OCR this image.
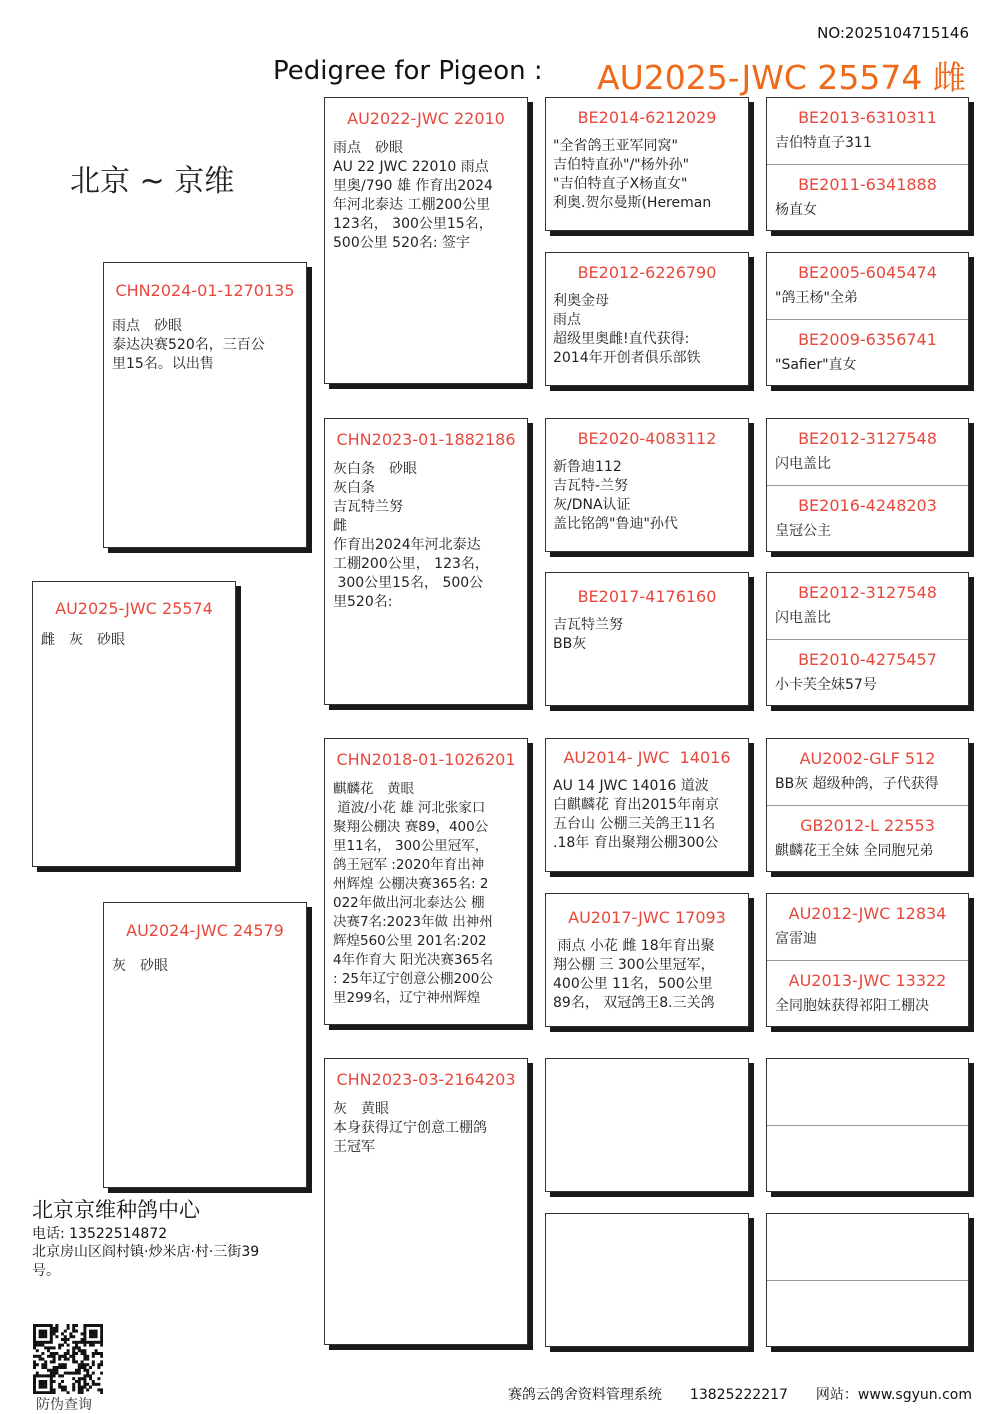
NO:2025104715146
Pedigree for Pigeon : AU2025-JWC 25574 雌
北京 ~ 京维
AU2025-JWC 25574
雌　灰　砂眼
CHN2024-01-1270135
雨点　砂眼
泰达决赛520名，三百公
里15名。以出售
AU2024-JWC 24579
灰　砂眼
AU2022-JWC 22010
雨点　砂眼
AU 22 JWC 22010 雨点
里奥/790 雄 作育出2024
年河北泰达 工棚200公里
123名， 300公里15名，
500公里 520名: 签宇
CHN2023-01-1882186
灰白条　砂眼
灰白条
吉瓦特兰努
雌
作育出2024年河北泰达
工棚200公里， 123名，
300公里15名， 500公
里520名:
CHN2018-01-1026201
麒麟花　黄眼
道波/小花 雄 河北张家口
聚翔公棚决 赛89，400公
里11名， 300公里冠军，
鸽王冠军 :2020年育出神
州辉煌 公棚决赛365名: 2
022年做出河北泰达公 棚
决赛7名:2023年做 出神州
辉煌560公里 201名:202
4年作育大 阳光决赛365名
: 25年辽宁创意公棚200公
里299名，辽宁神州辉煌
CHN2023-03-2164203
灰　黄眼
本身获得辽宁创意工棚鸽
王冠军
BE2014-6212029
"全省鸽王亚军同窝"
吉伯特直孙"/"杨外孙"
"吉伯特直子X杨直女"
利奥.贺尔曼斯(Hereman
BE2012-6226790
利奥金母
雨点
超级里奥雌!直代获得:
2014年开创者俱乐部铁
BE2020-4083112
新鲁迪112
吉瓦特-兰努
灰/DNA认证
盖比铭鸽"鲁迪"孙代
BE2017-4176160
吉瓦特兰努
BB灰
AU2014- JWC  14016
AU 14 JWC 14016 道波
白麒麟花 育出2015年南京
五台山 公棚三关鸽王11名
.18年 育出聚翔公棚300公
AU2017-JWC 17093
雨点 小花 雌 18年育出聚
翔公棚 三 300公里冠军，
400公里 11名，500公里
89名， 双冠鸽王8.三关鸽
BE2013-6310311
吉伯特直子311
BE2011-6341888
杨直女
BE2005-6045474
"鸽王杨"全弟
BE2009-6356741
"Safier"直女
BE2012-3127548
闪电盖比
BE2016-4248203
皇冠公主
BE2012-3127548
闪电盖比
BE2010-4275457
小卡芙全妹57号
AU2002-GLF 512
BB灰 超级种鸽，子代获得
GB2012-L 22553
麒麟花王全妹 全同胞兄弟
AU2012-JWC 12834
富雷迪
AU2013-JWC 13322
全同胞妹获得祁阳工棚决
北京京维种鸽中心
电话: 13522514872
北京房山区阎村镇·炒米店·村·三街39
号。
防伪查询
赛鸽云鸽舍资料管理系统　　13825222217　　网站：www.sgyun.com
